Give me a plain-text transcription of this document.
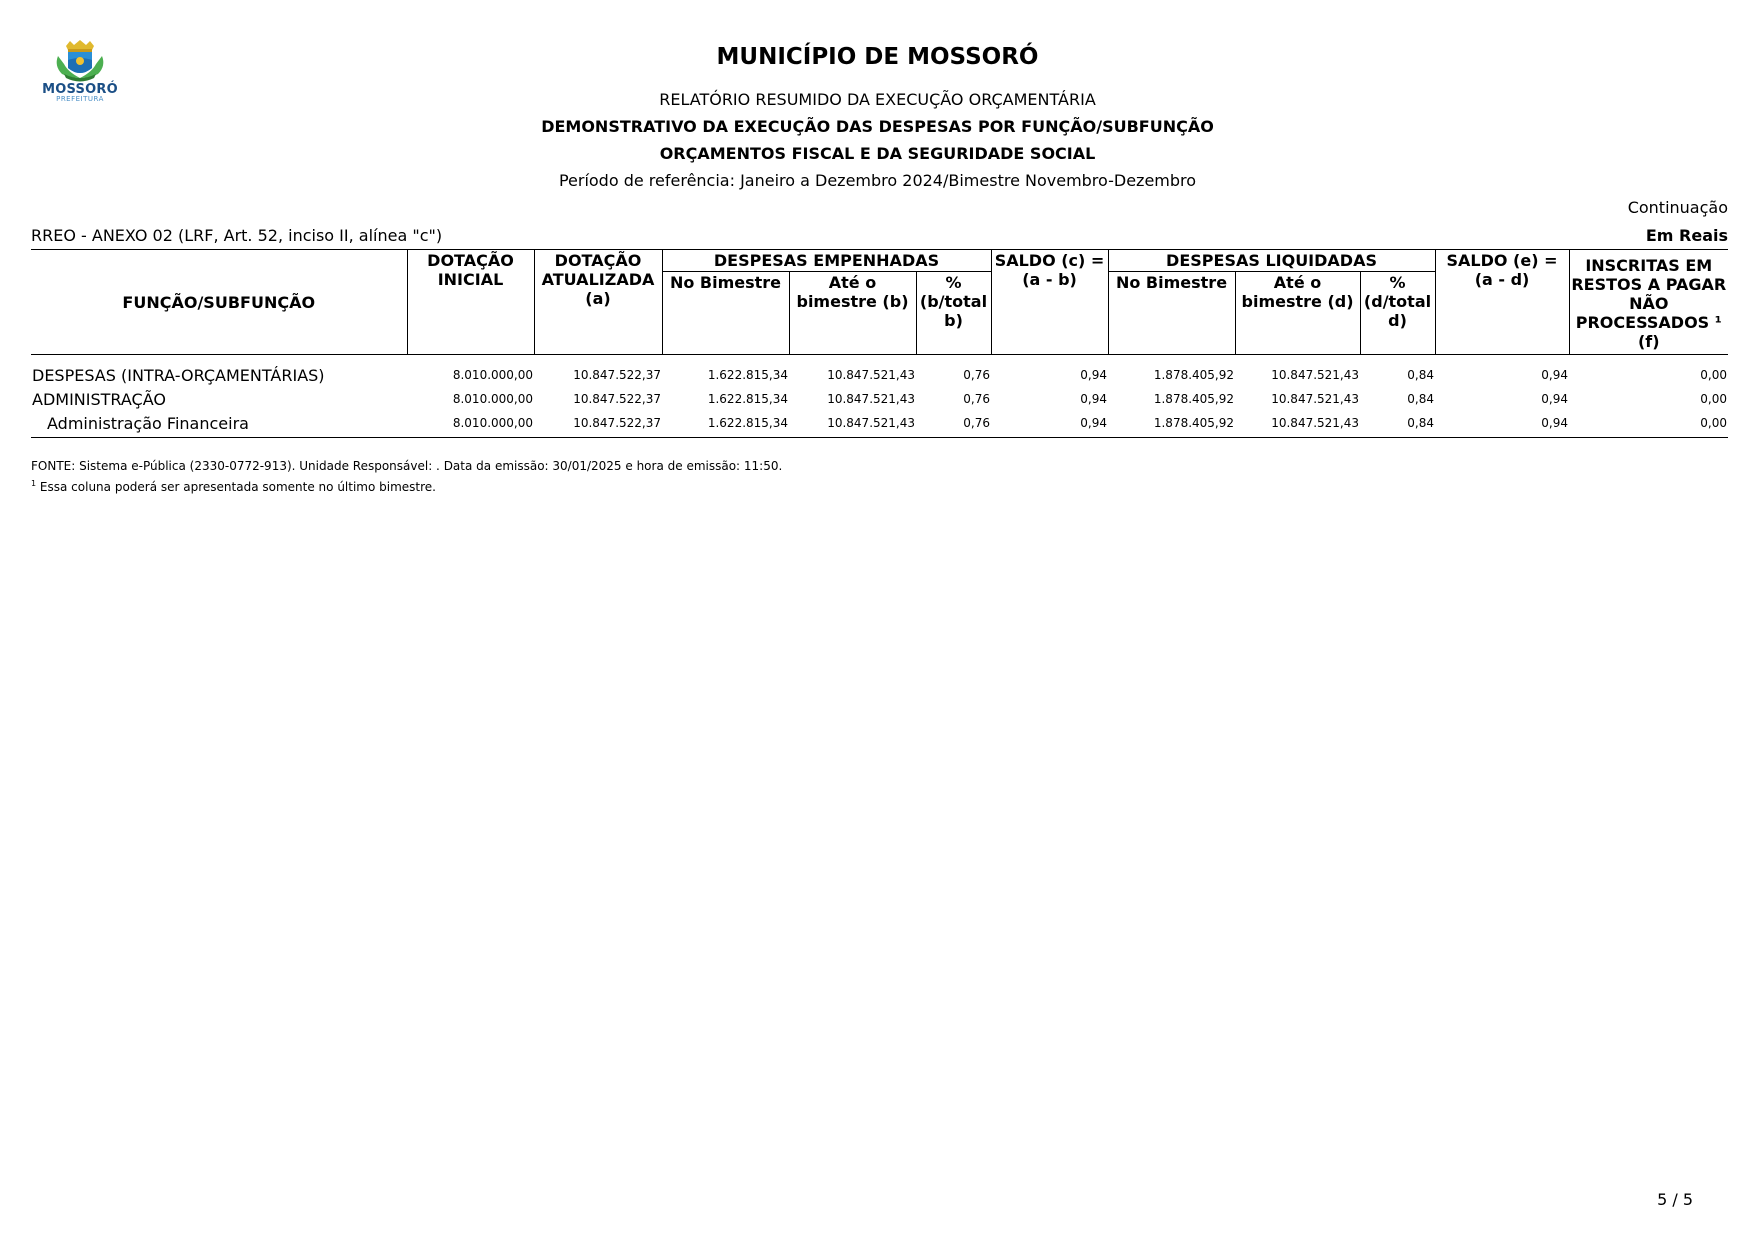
MOSSORÓ
PREFEITURA
MUNICÍPIO DE MOSSORÓ
RELATÓRIO RESUMIDO DA EXECUÇÃO ORÇAMENTÁRIA
DEMONSTRATIVO DA EXECUÇÃO DAS DESPESAS POR FUNÇÃO/SUBFUNÇÃO
ORÇAMENTOS FISCAL E DA SEGURIDADE SOCIAL
Período de referência: Janeiro a Dezembro 2024/Bimestre Novembro-Dezembro
Continuação
RREO - ANEXO 02 (LRF, Art. 52, inciso II, alínea "c")	Em Reais
FUNÇÃO/SUBFUNÇÃO	DOTAÇÃO INICIAL	DOTAÇÃO ATUALIZADA (a)	DESPESAS EMPENHADAS			SALDO (c) = (a - b)	DESPESAS LIQUIDADAS			SALDO (e) = (a - d)	INSCRITAS EM RESTOS A PAGAR NÃO PROCESSADOS ¹ (f)
			No Bimestre	Até o bimestre (b)	% (b/total b)		No Bimestre	Até o bimestre (d)	% (d/total d)		
DESPESAS (INTRA-ORÇAMENTÁRIAS)	8.010.000,00	10.847.522,37	1.622.815,34	10.847.521,43	0,76	0,94	1.878.405,92	10.847.521,43	0,84	0,94	0,00
ADMINISTRAÇÃO	8.010.000,00	10.847.522,37	1.622.815,34	10.847.521,43	0,76	0,94	1.878.405,92	10.847.521,43	0,84	0,94	0,00
Administração Financeira	8.010.000,00	10.847.522,37	1.622.815,34	10.847.521,43	0,76	0,94	1.878.405,92	10.847.521,43	0,84	0,94	0,00
FONTE: Sistema e-Pública (2330-0772-913). Unidade Responsável: . Data da emissão: 30/01/2025 e hora de emissão: 11:50.
$^1$ Essa coluna poderá ser apresentada somente no último bimestre.
5 / 5
